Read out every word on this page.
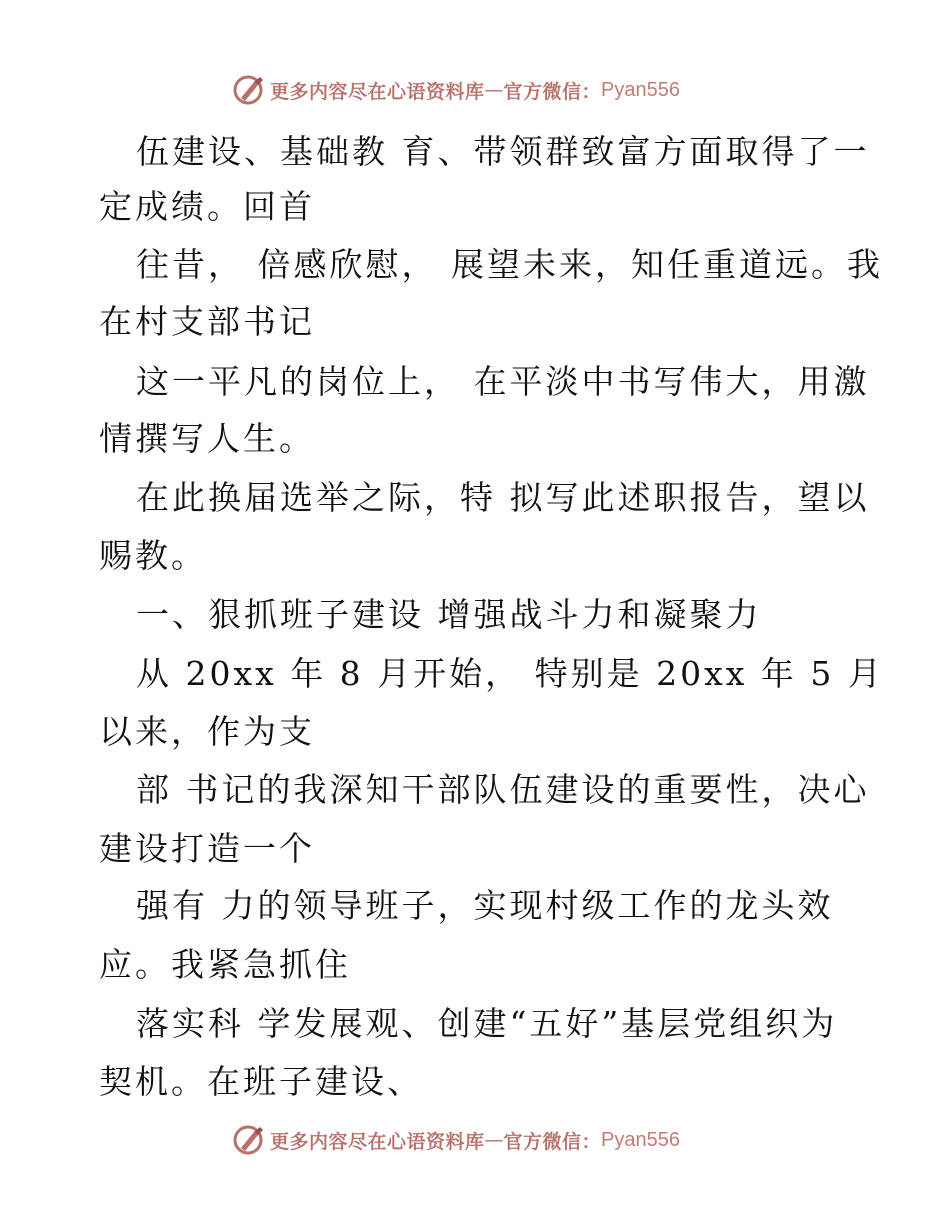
更多内容尽在心语资料库 — 官方微信： Pyan556
伍建设、基础教 育、带领群致富方面取得了一
定成绩。回首
往昔， 倍感欣慰， 展望未来，知任重道远。我
在村支部书记
这一平凡的岗位上， 在平淡中书写伟大，用激
情撰写人生。
在此换届选举之际，特 拟写此述职报告，望以
赐教。
一、狠抓班子建设 增强战斗力和凝聚力
从 20xx 年 8 月开始， 特别是 20xx 年 5 月
以来，作为支
部 书记的我深知干部队伍建设的重要性，决心
建设打造一个
强有 力的领导班子，实现村级工作的龙头效
应。我紧急抓住
落实科 学发展观、创建“五好”基层党组织为
契机。在班子建设、
更多内容尽在心语资料库 — 官方微信： Pyan556
